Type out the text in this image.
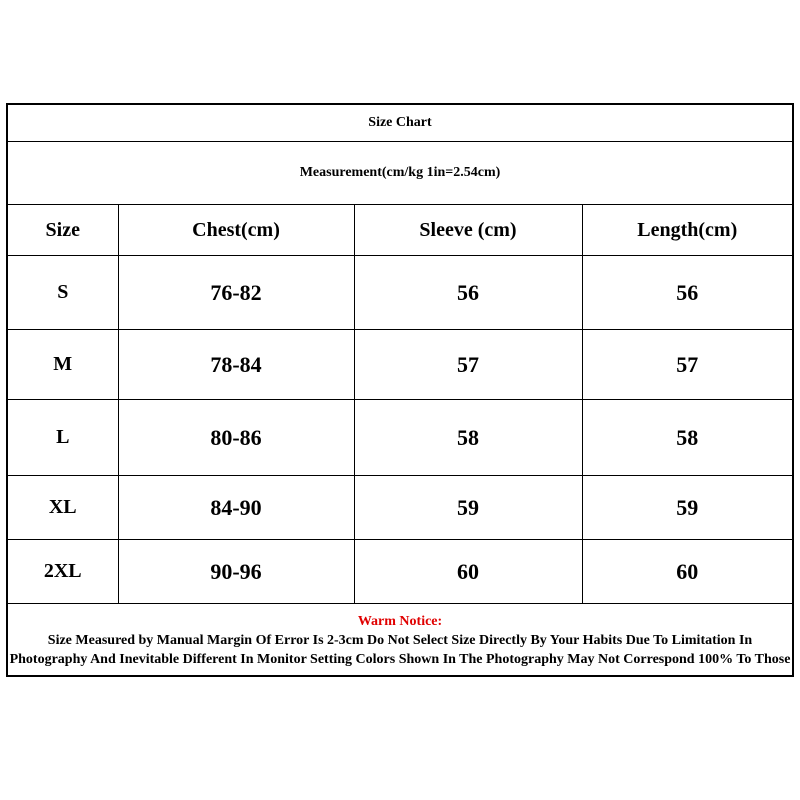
Size Chart
Measurement(cm/kg 1in=2.54cm)
Size	Chest(cm)	Sleeve (cm)	Length(cm)
S	76-82	56	56
M	78-84	57	57
L	80-86	58	58
XL	84-90	59	59
2XL	90-96	60	60
Warm Notice:
Size Measured by Manual Margin Of Error Is 2-3cm Do Not Select Size Directly By Your Habits Due To Limitation In Photography And Inevitable Different In Monitor Setting Colors Shown In The Photography May Not Correspond 100% To Those
